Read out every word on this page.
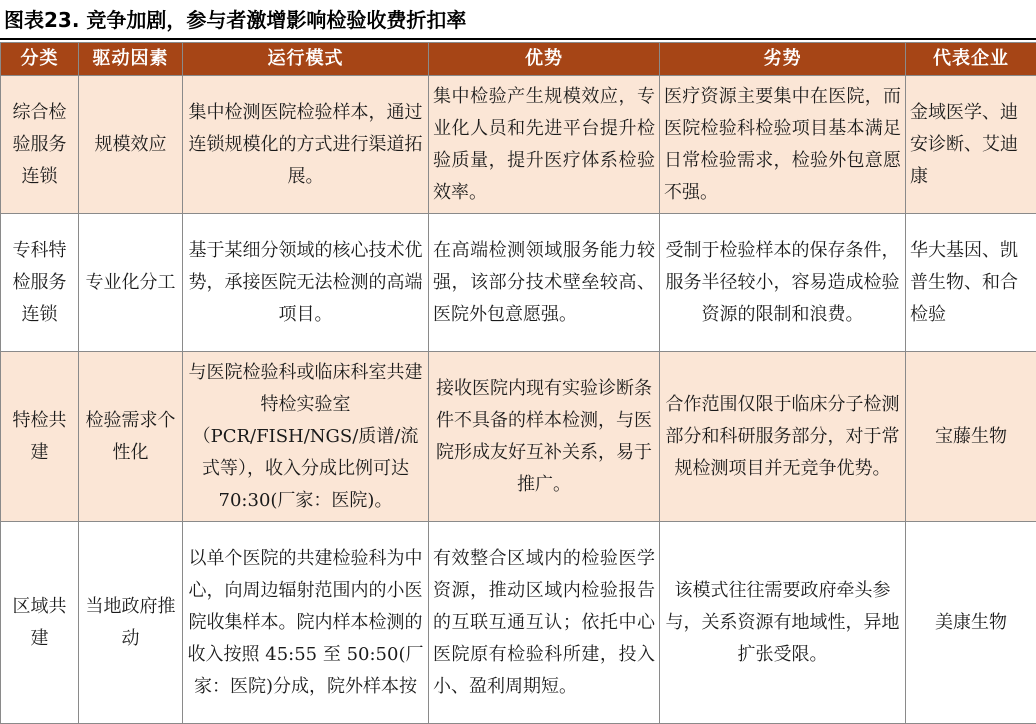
图表23. 竞争加剧，参与者激增影响检验收费折扣率
分类	驱动因素	运行模式	优势	劣势	代表企业
综合检验服务连锁	规模效应	集中检测医院检验样本，通过连锁规模化的方式进行渠道拓展。	集中检验产生规模效应，专业化人员和先进平台提升检验质量，提升医疗体系检验效率。	医疗资源主要集中在医院，而医院检验科检验项目基本满足日常检验需求，检验外包意愿不强。	金域医学、迪安诊断、艾迪康
专科特检服务连锁	专业化分工	基于某细分领域的核心技术优势，承接医院无法检测的高端项目。	在高端检测领域服务能力较强，该部分技术壁垒较高、医院外包意愿强。	受制于检验样本的保存条件，服务半径较小，容易造成检验资源的限制和浪费。	华大基因、凯普生物、和合检验
特检共建	检验需求个性化	与医院检验科或临床科室共建特检实验室（PCR/FISH/NGS/质谱/流式等），收入分成比例可达 70:30(厂家：医院)。	接收医院内现有实验诊断条件不具备的样本检测，与医院形成友好互补关系，易于推广。	合作范围仅限于临床分子检测部分和科研服务部分，对于常规检测项目并无竞争优势。	宝藤生物
区域共建	当地政府推动	以单个医院的共建检验科为中心，向周边辐射范围内的小医院收集样本。院内样本检测的收入按照 45:55 至 50:50(厂家：医院)分成，院外样本按	有效整合区域内的检验医学资源，推动区域内检验报告的互联互通互认；依托中心医院原有检验科所建，投入小、盈利周期短。	该模式往往需要政府牵头参与，关系资源有地域性，异地扩张受限。	美康生物
